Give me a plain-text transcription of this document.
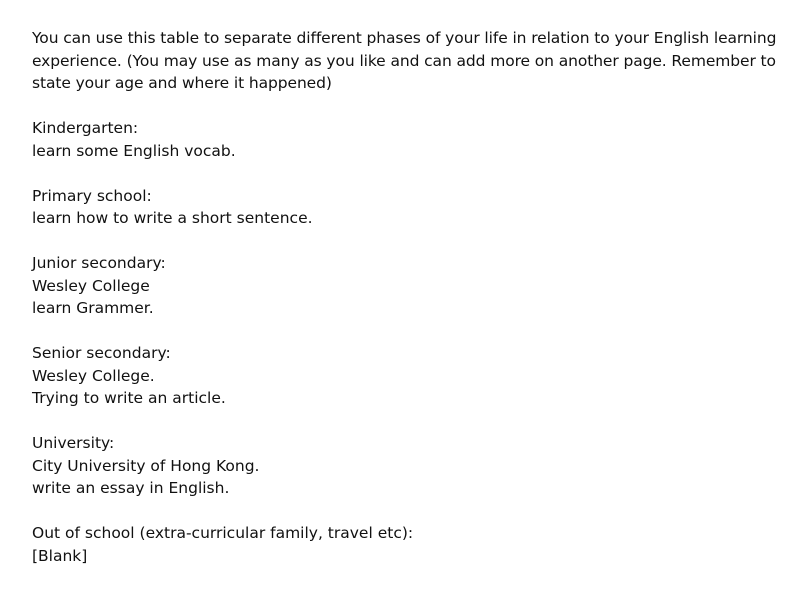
You can use this table to separate different phases of your life in relation to your English learning

experience. (You may use as many as you like and can add more on another page. Remember to

state your age and where it happened)

Kindergarten:

learn some English vocab.

Primary school:

learn how to write a short sentence.

Junior secondary:

Wesley College

learn Grammer.

Senior secondary:

Wesley College.

Trying to write an article.

University:

City University of Hong Kong.

write an essay in English.

Out of school (extra-curricular family, travel etc):

[Blank]
